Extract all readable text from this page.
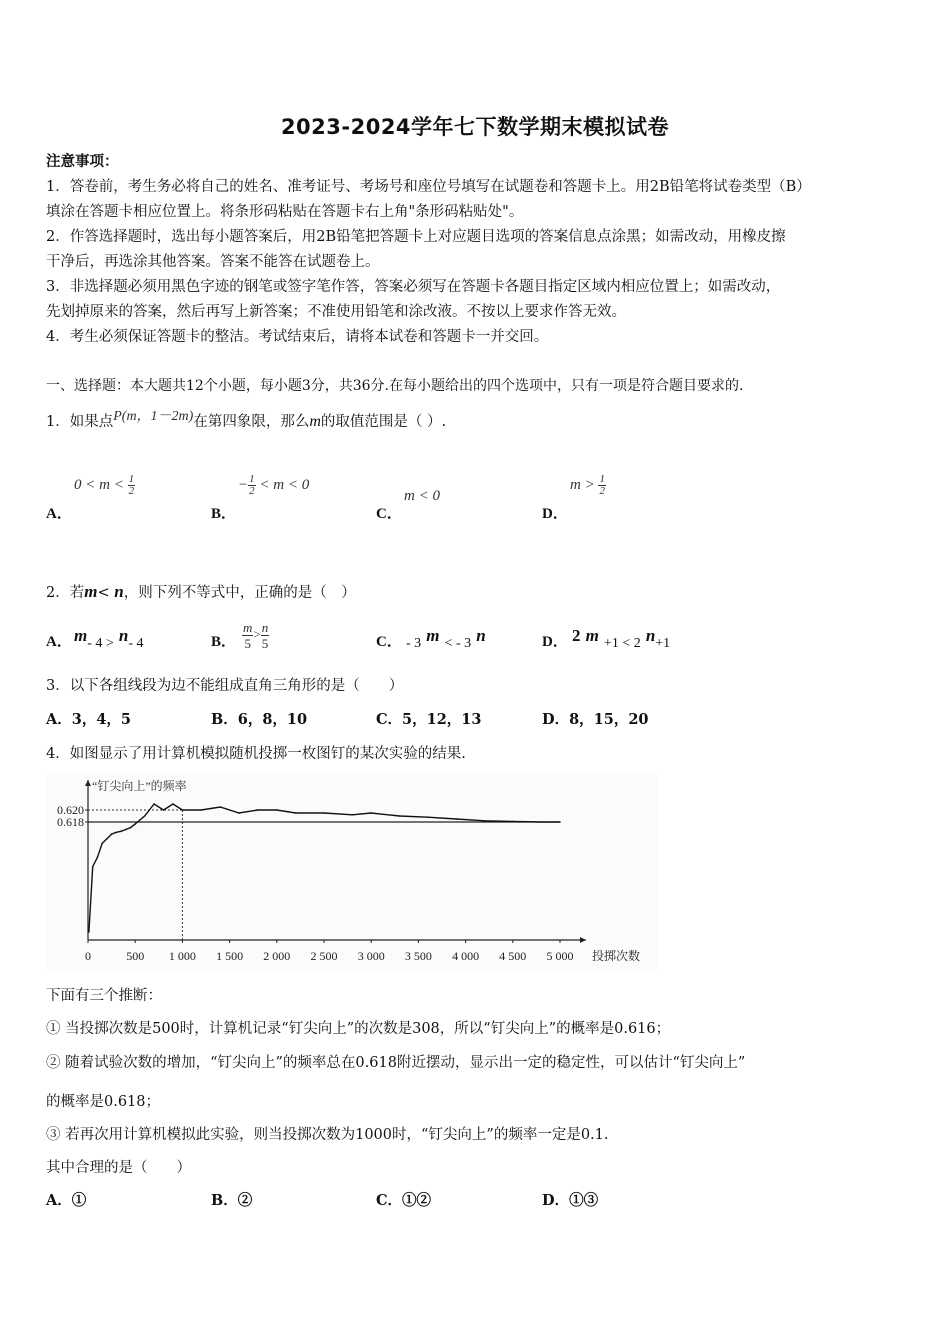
2023-2024学年七下数学期末模拟试卷
注意事项：
1．答卷前，考生务必将自己的姓名、准考证号、考场号和座位号填写在试题卷和答题卡上。用2B铅笔将试卷类型（B）
填涂在答题卡相应位置上。将条形码粘贴在答题卡右上角"条形码粘贴处"。
2．作答选择题时，选出每小题答案后，用2B铅笔把答题卡上对应题目选项的答案信息点涂黑；如需改动，用橡皮擦
干净后，再选涂其他答案。答案不能答在试题卷上。
3．非选择题必须用黑色字迹的钢笔或签字笔作答，答案必须写在答题卡各题目指定区域内相应位置上；如需改动，
先划掉原来的答案，然后再写上新答案；不准使用铅笔和涂改液。不按以上要求作答无效。
4．考生必须保证答题卡的整洁。考试结束后，请将本试卷和答题卡一并交回。
一、选择题：本大题共12个小题，每小题3分，共36分.在每小题给出的四个选项中，只有一项是符合题目要求的.
1．如果点P(m，1－2m)在第四象限，那么m的取值范围是（ ）.
A．
$0 < m < \frac{1}{2}$
B．
− $\frac{1}{2} < m < 0$
C．
m < 0
D．
$m > \frac{1}{2}$
2．若m< n，则下列不等式中，正确的是（　）
A． m- 4 > n- 4	B． $\frac{m}{5} > \frac{n}{5}$	C． - 3 m < - 3 n	D． 2 m +1 < 2 n+1
3．以下各组线段为边不能组成直角三角形的是（　　）
A．3，4，5	B．6，8，10	C．5，12，13	D．8，15，20
4．如图显示了用计算机模拟随机投掷一枚图钉的某次实验的结果.
“钉尖向上”的频率
0.620
0.618
0	500 1 000 1 500 2 000 2 500 3 000 3 500 4 000 4 500 5 000 投掷次数
下面有三个推断：
① 当投掷次数是500时，计算机记录“钉尖向上”的次数是308，所以“钉尖向上”的概率是0.616；
② 随着试验次数的增加，“钉尖向上”的频率总在0.618附近摆动，显示出一定的稳定性，可以估计“钉尖向上”
的概率是0.618；
③ 若再次用计算机模拟此实验，则当投掷次数为1000时，“钉尖向上”的频率一定是0.1.
其中合理的是（　　）
A．①	B．②	C．①②	D．①③
